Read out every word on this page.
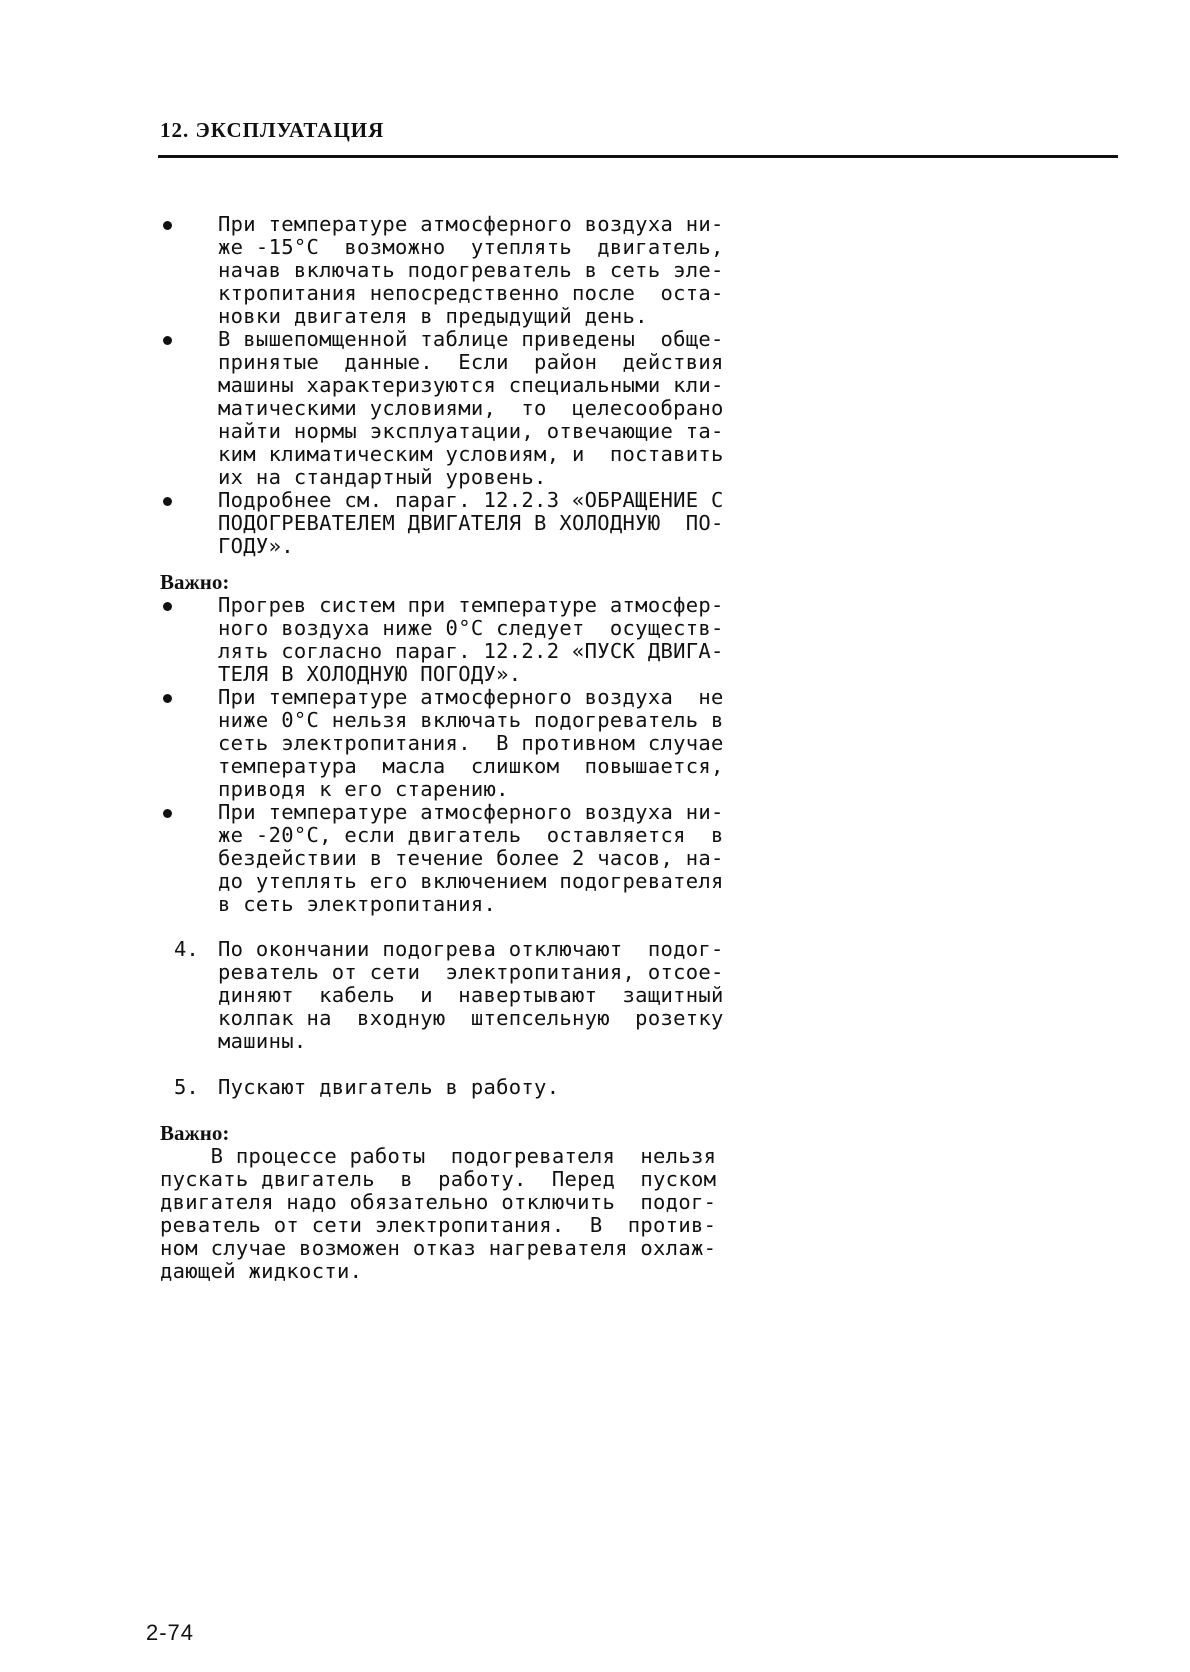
12. ЭКСПЛУАТАЦИЯ
При температуре атмосферного воздуха ни-
же -15°С  возможно  утеплять  двигатель,
начав включать подогреватель в сеть эле-
ктропитания непосредственно после  оста-
новки двигателя в предыдущий день.
В вышепомщенной таблице приведены  обще-
принятые  данные.  Если  район  действия
машины характеризуются специальными кли-
матическими условиями,  то  целесообрано
найти нормы эксплуатации, отвечающие та-
ким климатическим условиям, и  поставить
их на стандартный уровень.
Подробнее см. параг. 12.2.3 «ОБРАЩЕНИЕ С
ПОДОГРЕВАТЕЛЕМ ДВИГАТЕЛЯ В ХОЛОДНУЮ  ПО-
ГОДУ».
Важно:
Прогрев систем при температуре атмосфер-
ного воздуха ниже 0°С следует  осуществ-
лять согласно параг. 12.2.2 «ПУСК ДВИГА-
ТЕЛЯ В ХОЛОДНУЮ ПОГОДУ».
При температуре атмосферного воздуха  не
ниже 0°С нельзя включать подогреватель в
сеть электропитания.  В противном случае
температура  масла  слишком  повышается,
приводя к его старению.
При температуре атмосферного воздуха ни-
же -20°С, если двигатель  оставляется  в
бездействии в течение более 2 часов, на-
до утеплять его включением подогревателя
в сеть электропитания.
4. По окончании подогрева отключают  подог-
реватель от сети  электропитания, отсое-
диняют  кабель  и  навертывают  защитный
колпак на  входную  штепсельную  розетку
машины.
5. Пускают двигатель в работу.
Важно:
В процессе работы  подогревателя  нельзя
пускать двигатель  в  работу.  Перед  пуском
двигателя надо обязательно отключить  подог-
реватель от сети электропитания.  В  против-
ном случае возможен отказ нагревателя охлаж-
дающей жидкости.
2-74
